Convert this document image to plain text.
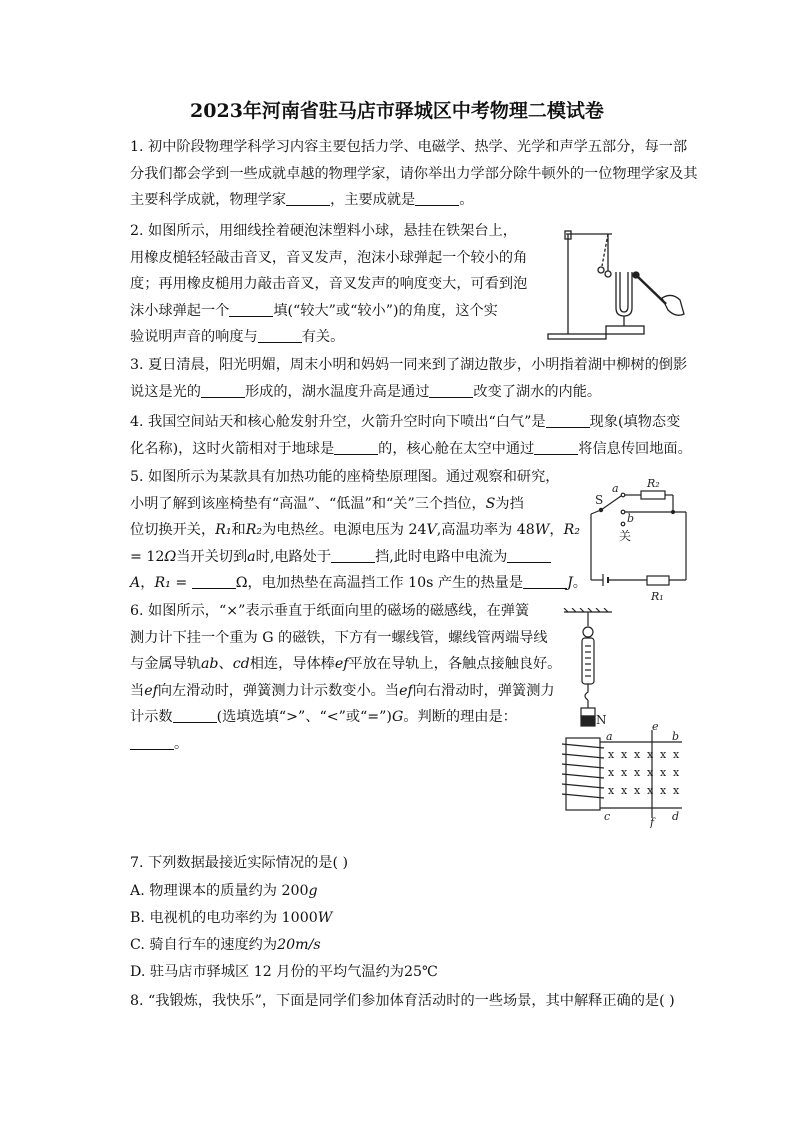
2023年河南省驻马店市驿城区中考物理二模试卷
1. 初中阶段物理学科学习内容主要包括力学、电磁学、热学、光学和声学五部分，每一部
分我们都会学到一些成就卓越的物理学家，请你举出力学部分除牛顿外的一位物理学家及其
主要科学成就，物理学家	，主要成就是	。
2. 如图所示，用细线拴着硬泡沫塑料小球，悬挂在铁架台上，
用橡皮槌轻轻敲击音叉，音叉发声，泡沫小球弹起一个较小的角
度；再用橡皮槌用力敲击音叉，音叉发声的响度变大，可看到泡
沫小球弹起一个	填(“较大”或“较小”)的角度，这个实
验说明声音的响度与	有关。
3. 夏日清晨，阳光明媚，周末小明和妈妈一同来到了湖边散步，小明指着湖中柳树的倒影
说这是光的	形成的，湖水温度升高是通过	改变了湖水的内能。
4. 我国空间站天和核心舱发射升空，火箭升空时向下喷出“白气”是	现象(填物态变
化名称)，这时火箭相对于地球是	的，核心舱在太空中通过	将信息传回地面。
5. 如图所示为某款具有加热功能的座椅垫原理图。通过观察和研究，
小明了解到该座椅垫有“高温”、“低温”和“关”三个挡位，S为挡
位切换开关，R₁和R₂为电热丝。电源电压为 24V,高温功率为 48W，R₂
= 12Ω当开关切到a时,电路处于	挡,此时电路中电流为
A，R₁ =	Ω，电加热垫在高温挡工作 10s 产生的热量是	J。
a
b
S
关
R₂
R₁
6. 如图所示，“×”表示垂直于纸面向里的磁场的磁感线，在弹簧
测力计下挂一个重为 G 的磁铁，下方有一螺线管，螺线管两端导线
与金属导轨ab、cd相连，导体棒ef平放在导轨上，各触点接触良好。
当ef向左滑动时，弹簧测力计示数变小。当ef向右滑动时，弹簧测力
计示数	(选填选填“>”、“<”或“=”)G。判断的理由是：
。
N
a	b
c	d
e
f
x x x x x x
x x x x x x
x x x x x x
7. 下列数据最接近实际情况的是( )
A. 物理课本的质量约为 200g
B. 电视机的电功率约为 1000W
C. 骑自行车的速度约为20m/s
D. 驻马店市驿城区 12 月份的平均气温约为25℃
8. “我锻炼，我快乐”，下面是同学们参加体育活动时的一些场景，其中解释正确的是( )
